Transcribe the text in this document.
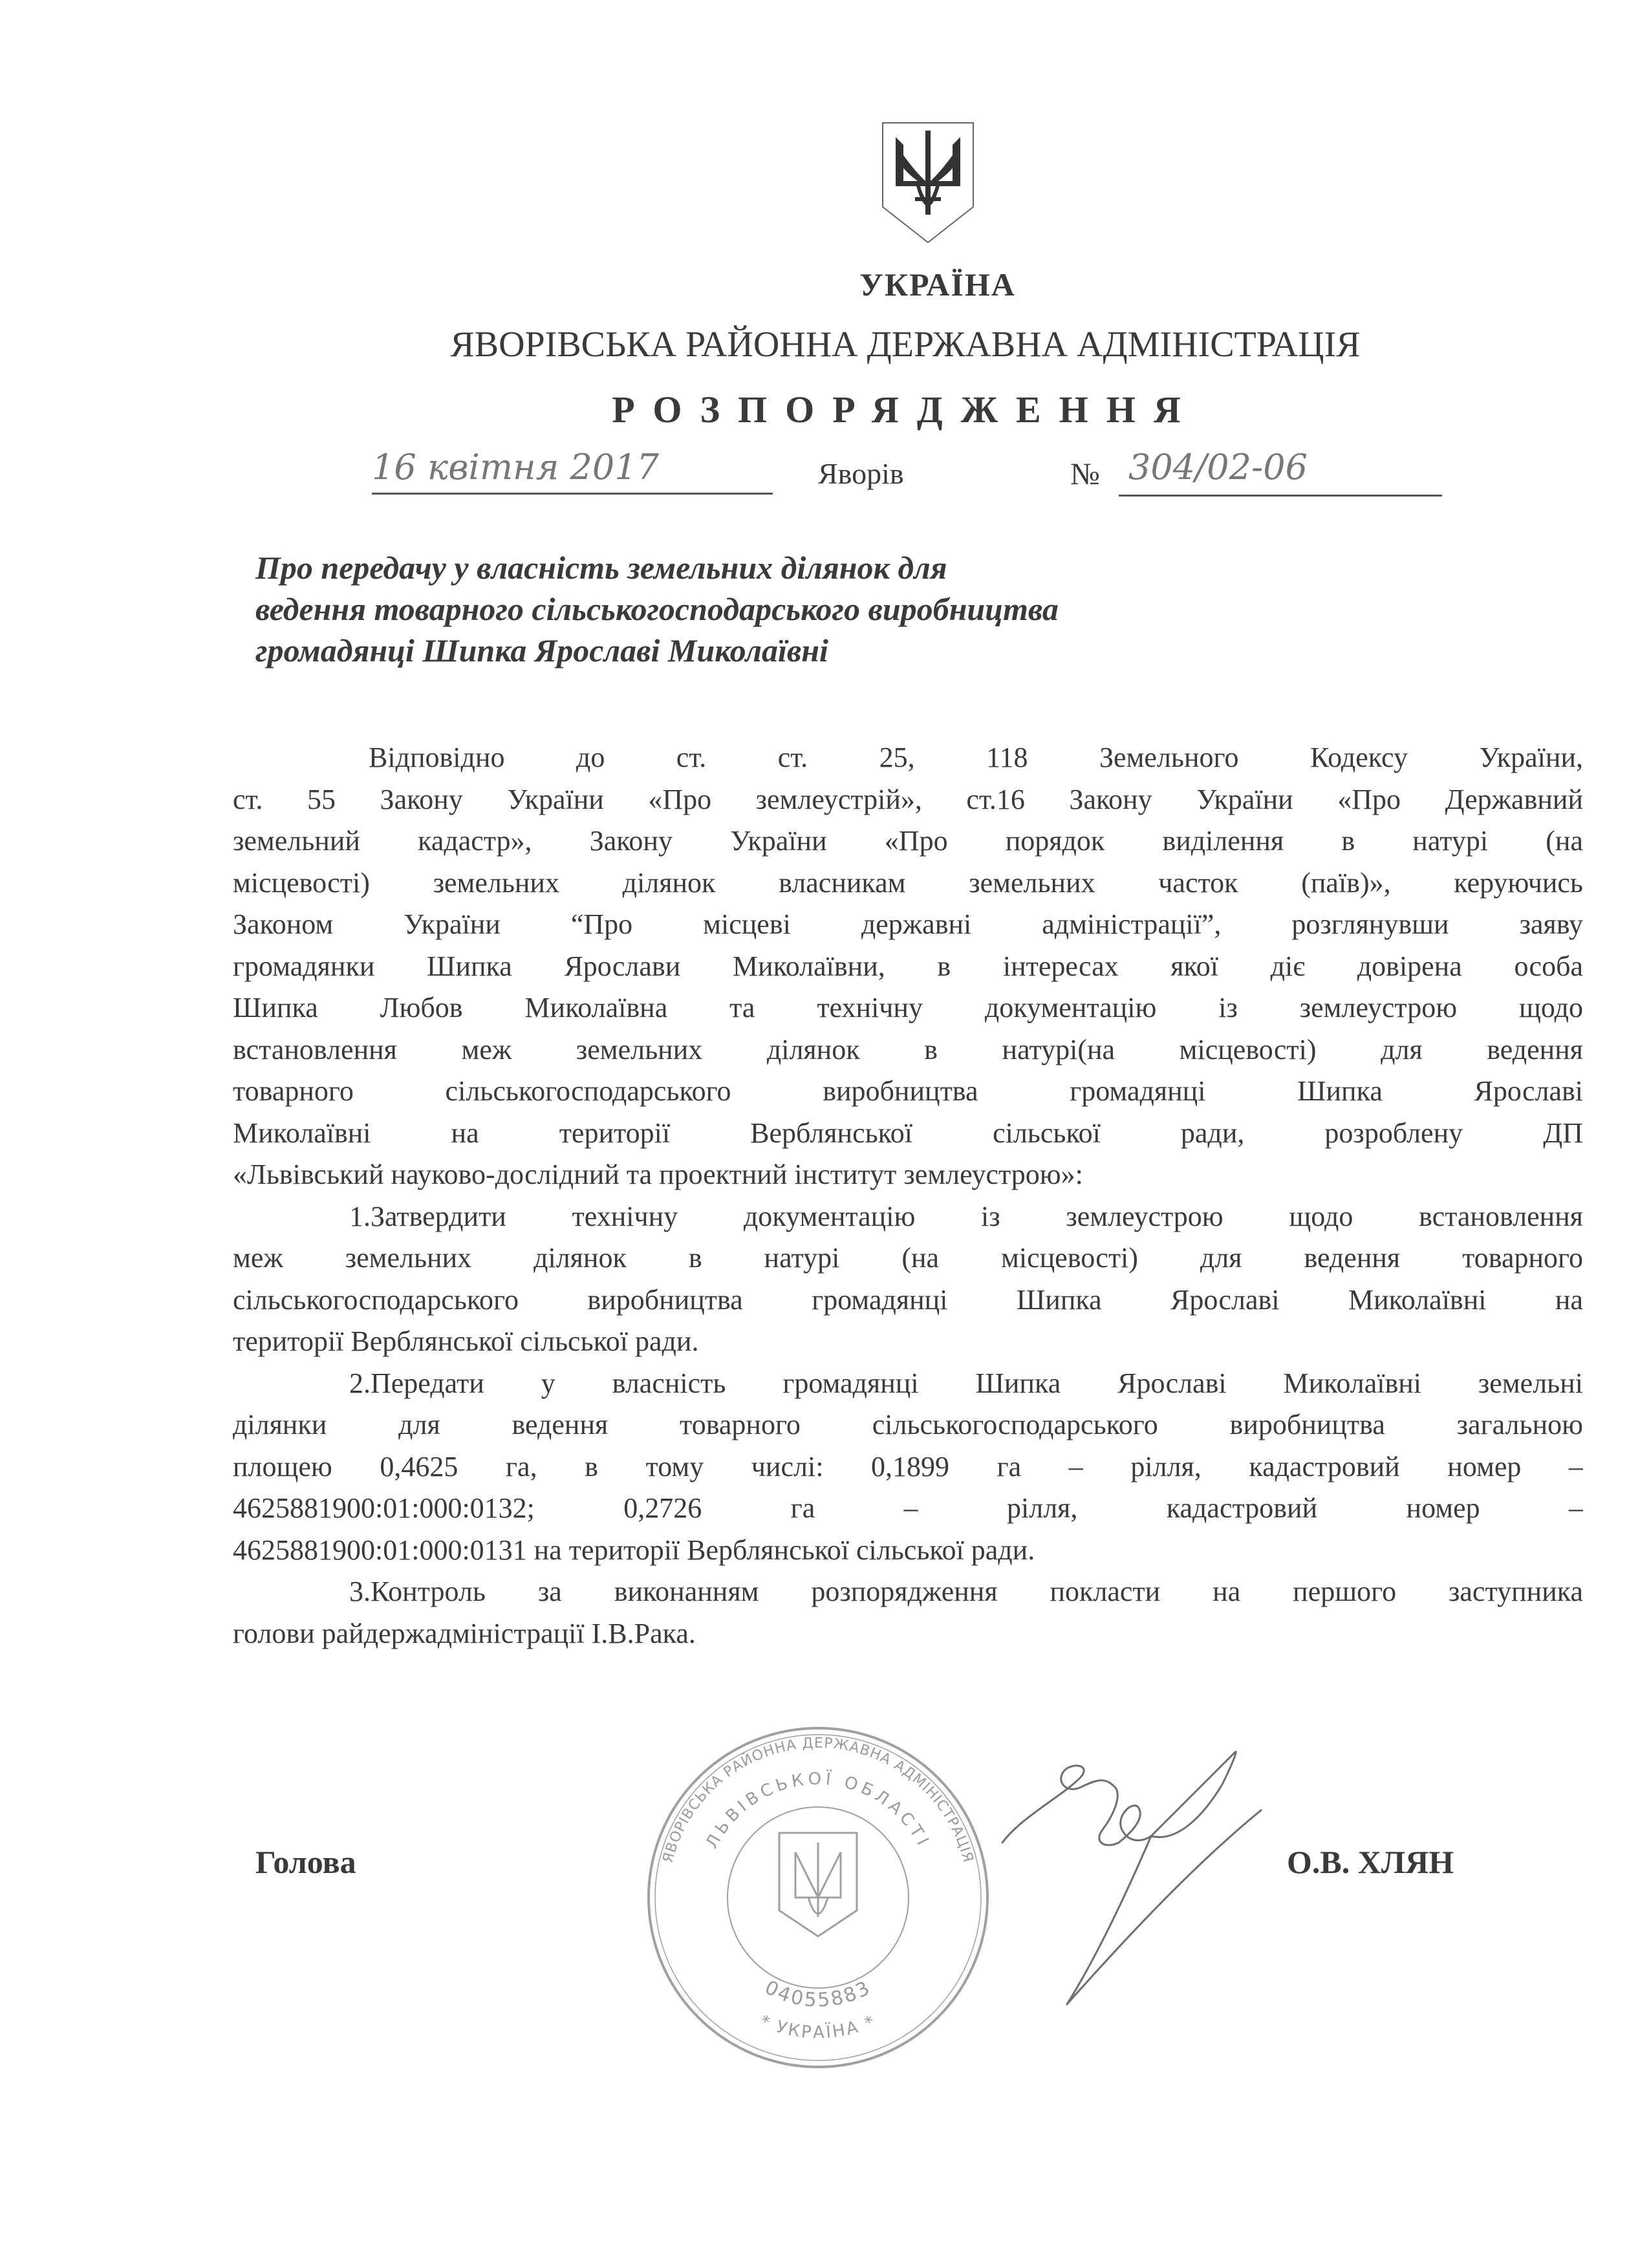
УКРАЇНА
ЯВОРІВСЬКА РАЙОННА ДЕРЖАВНА АДМІНІСТРАЦІЯ
РОЗПОРЯДЖЕННЯ
16 квітня 2017	Яворів	№ 304/02-06
Про передачу у власність земельних ділянок для
ведення товарного сільськогосподарського виробництва
громадянці Шипка Ярославі Миколаївні
Відповідно до ст. ст. 25, 118 Земельного Кодексу України,
ст. 55 Закону України «Про землеустрій», ст.16 Закону України «Про Державний
земельний кадастр», Закону України «Про порядок виділення в натурі (на
місцевості) земельних ділянок власникам земельних часток (паїв)», керуючись
Законом України “Про місцеві державні адміністрації”, розглянувши заяву
громадянки Шипка Ярослави Миколаївни, в інтересах якої діє довірена особа
Шипка Любов Миколаївна та технічну документацію із землеустрою щодо
встановлення меж земельних ділянок в натурі(на місцевості) для ведення
товарного сільськогосподарського виробництва громадянці Шипка Ярославі
Миколаївні на території Верблянської сільської ради, розроблену ДП
«Львівський науково-дослідний та проектний інститут землеустрою»:
1.Затвердити технічну документацію із землеустрою щодо встановлення
меж земельних ділянок в натурі (на місцевості) для ведення товарного
сільськогосподарського виробництва громадянці Шипка Ярославі Миколаївні на
території Верблянської сільської ради.
2.Передати у власність громадянці Шипка Ярославі Миколаївні земельні
ділянки для ведення товарного сільськогосподарського виробництва загальною
площею 0,4625 га, в тому числі: 0,1899 га – рілля, кадастровий номер –
4625881900:01:000:0132; 0,2726 га – рілля, кадастровий номер –
4625881900:01:000:0131 на території Верблянської сільської ради.
3.Контроль за виконанням розпорядження покласти на першого заступника
голови райдержадміністрації І.В.Рака.
ЯВОРІВСЬКА РАЙОННА ДЕРЖАВНА АДМІНІСТРАЦІЯ
ЛЬВІВСЬКОЇ ОБЛАСТІ
04055883
* УКРАЇНА *
Голова	О.В. ХЛЯН
